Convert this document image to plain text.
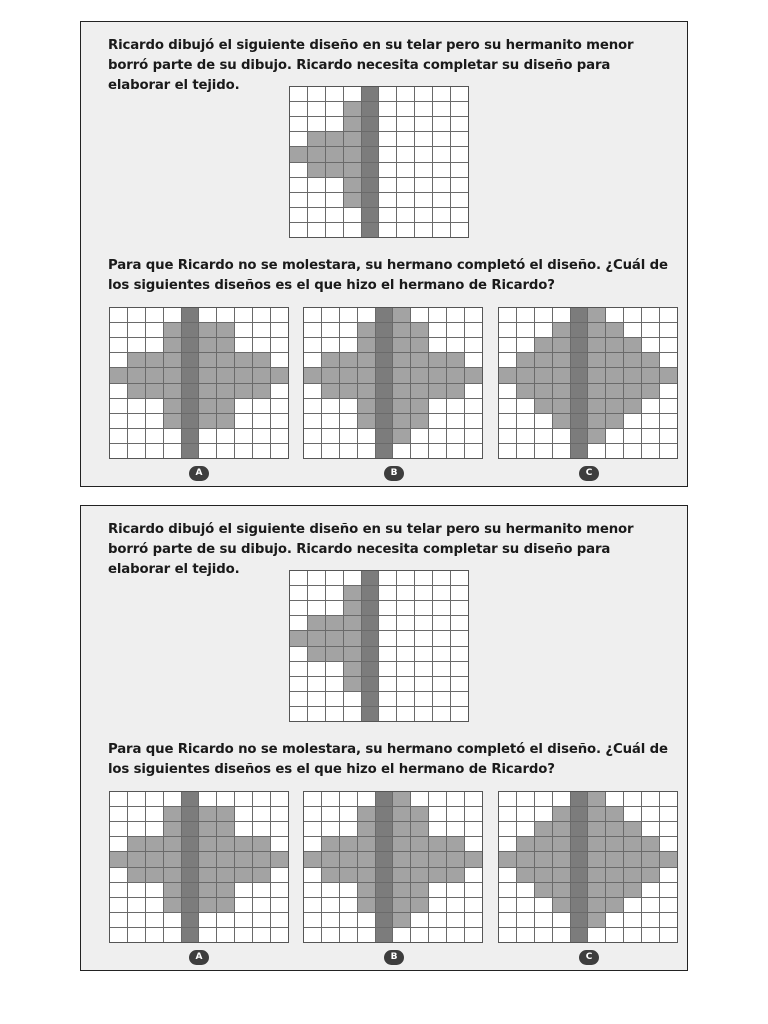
Ricardo dibujó el siguiente diseño en su telar pero su hermanito menor borró parte de su dibujo. Ricardo necesita completar su diseño para elaborar el tejido.

Para que Ricardo no se molestara, su hermano completó el diseño. ¿Cuál de los siguientes diseños es el que hizo el hermano de Ricardo?

A	B	C

Ricardo dibujó el siguiente diseño en su telar pero su hermanito menor borró parte de su dibujo. Ricardo necesita completar su diseño para elaborar el tejido.

Para que Ricardo no se molestara, su hermano completó el diseño. ¿Cuál de los siguientes diseños es el que hizo el hermano de Ricardo?

A	B	C
